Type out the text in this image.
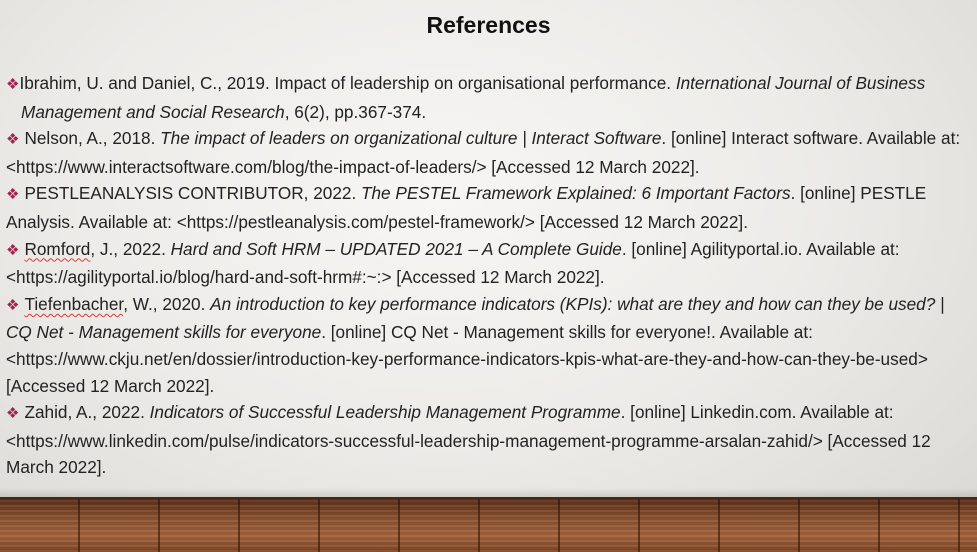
References
❖Ibrahim, U. and Daniel, C., 2019. Impact of leadership on organisational performance. International Journal of Business Management and Social Research, 6(2), pp.367-374.
❖ Nelson, A., 2018. The impact of leaders on organizational culture | Interact Software. [online] Interact software. Available at: <https://www.interactsoftware.com/blog/the-impact-of-leaders/> [Accessed 12 March 2022].
❖ PESTLEANALYSIS CONTRIBUTOR, 2022. The PESTEL Framework Explained: 6 Important Factors. [online] PESTLE Analysis. Available at: <https://pestleanalysis.com/pestel-framework/> [Accessed 12 March 2022].
❖ Romford, J., 2022. Hard and Soft HRM – UPDATED 2021 – A Complete Guide. [online] Agilityportal.io. Available at: <https://agilityportal.io/blog/hard-and-soft-hrm#:~:> [Accessed 12 March 2022].
❖ Tiefenbacher, W., 2020. An introduction to key performance indicators (KPIs): what are they and how can they be used? | CQ Net - Management skills for everyone. [online] CQ Net - Management skills for everyone!. Available at: <https://www.ckju.net/en/dossier/introduction-key-performance-indicators-kpis-what-are-they-and-how-can-they-be-used> [Accessed 12 March 2022].
❖ Zahid, A., 2022. Indicators of Successful Leadership Management Programme. [online] Linkedin.com. Available at: <https://www.linkedin.com/pulse/indicators-successful-leadership-management-programme-arsalan-zahid/> [Accessed 12 March 2022].
